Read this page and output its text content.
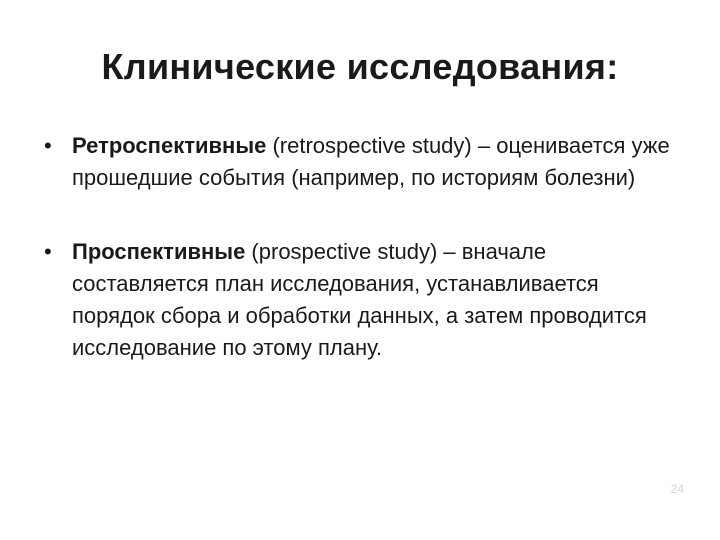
Клинические исследования:
• Ретроспективные (retrospective study) – оценивается уже прошедшие события (например, по историям болезни)
• Проспективные (prospective study) – вначале составляется план исследования, устанавливается порядок сбора и обработки данных, а затем проводится исследование по этому плану.
24
